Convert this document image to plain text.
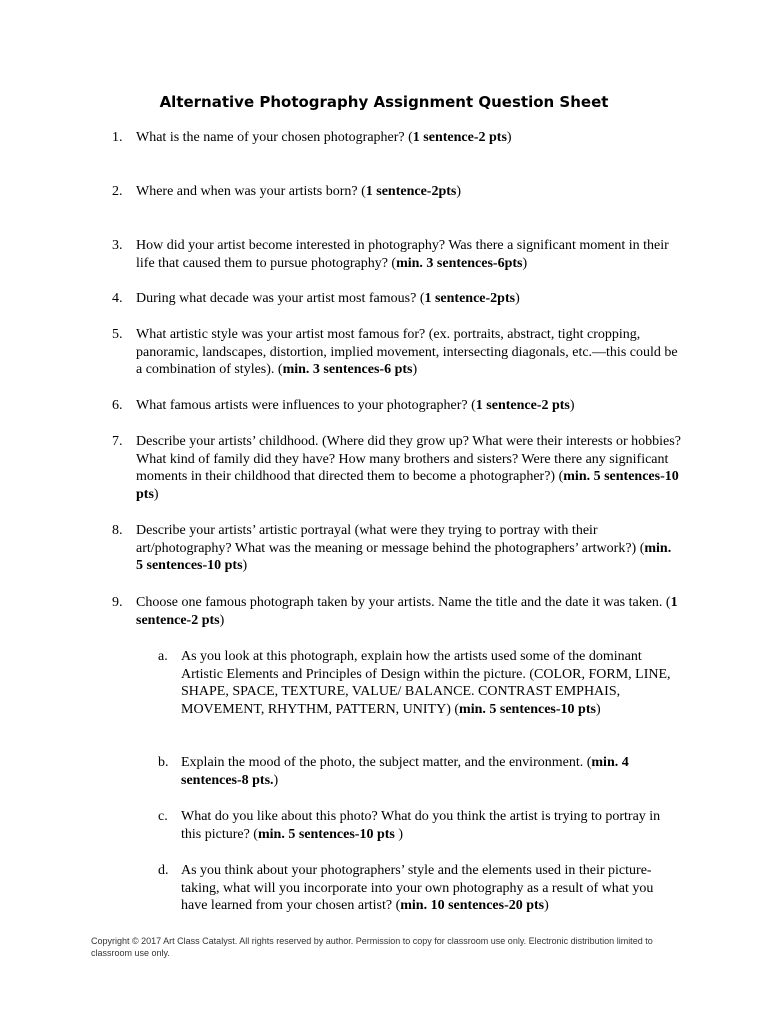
Alternative Photography Assignment Question Sheet
1. What is the name of your chosen photographer? (1 sentence-2 pts)
2. Where and when was your artists born? (1 sentence-2pts)
3. How did your artist become interested in photography? Was there a significant moment in their life that caused them to pursue photography? (min. 3 sentences-6pts)
4. During what decade was your artist most famous? (1 sentence-2pts)
5. What artistic style was your artist most famous for? (ex. portraits, abstract, tight cropping, panoramic, landscapes, distortion, implied movement, intersecting diagonals, etc.—this could be a combination of styles). (min. 3 sentences-6 pts)
6. What famous artists were influences to your photographer? (1 sentence-2 pts)
7. Describe your artists’ childhood. (Where did they grow up? What were their interests or hobbies? What kind of family did they have? How many brothers and sisters? Were there any significant moments in their childhood that directed them to become a photographer?) (min. 5 sentences-10 pts)
8. Describe your artists’ artistic portrayal (what were they trying to portray with their art/photography? What was the meaning or message behind the photographers’ artwork?) (min. 5 sentences-10 pts)
9. Choose one famous photograph taken by your artists. Name the title and the date it was taken. (1 sentence-2 pts)
a. As you look at this photograph, explain how the artists used some of the dominant Artistic Elements and Principles of Design within the picture. (COLOR, FORM, LINE, SHAPE, SPACE, TEXTURE, VALUE/ BALANCE. CONTRAST EMPHAIS, MOVEMENT, RHYTHM, PATTERN, UNITY) (min. 5 sentences-10 pts)
b. Explain the mood of the photo, the subject matter, and the environment. (min. 4 sentences-8 pts.)
c. What do you like about this photo? What do you think the artist is trying to portray in this picture? (min. 5 sentences-10 pts )
d. As you think about your photographers’ style and the elements used in their picture-taking, what will you incorporate into your own photography as a result of what you have learned from your chosen artist? (min. 10 sentences-20 pts)
Copyright © 2017 Art Class Catalyst. All rights reserved by author. Permission to copy for classroom use only. Electronic distribution limited to classroom use only.
